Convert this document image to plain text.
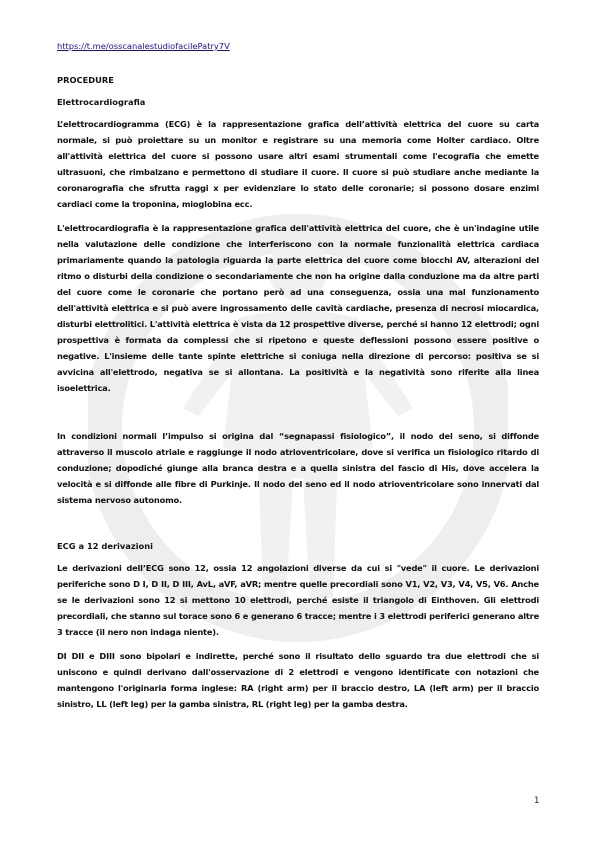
https://t.me/osscanalestudiofacilePatry7V
PROCEDURE
Elettrocardiografia

L’elettrocardiogramma (ECG) è la rappresentazione grafica dell’attività elettrica del cuore su carta normale, si può proiettare su un monitor e registrare su una memoria come Holter cardiaco. Oltre all'attività elettrica del cuore si possono usare altri esami strumentali come l'ecografia che emette ultrasuoni, che rimbalzano e permettono di studiare il cuore. Il cuore si può studiare anche mediante la coronarografia che sfrutta raggi x per evidenziare lo stato delle coronarie; si possono dosare enzimi cardiaci come la troponina, mioglobina ecc.

L'elettrocardiografia è la rappresentazione grafica dell'attività elettrica del cuore, che è un'indagine utile nella valutazione delle condizione che interferiscono con la normale funzionalità elettrica cardiaca primariamente quando la patologia riguarda la parte elettrica del cuore come blocchi AV, alterazioni del ritmo o disturbi della condizione o secondariamente che non ha origine dalla conduzione ma da altre parti del cuore come le coronarie che portano però ad una conseguenza, ossia una mal funzionamento dell'attività elettrica e si può avere ingrossamento delle cavità cardiache, presenza di necrosi miocardica, disturbi elettrolitici. L'attività elettrica è vista da 12 prospettive diverse, perché si hanno 12 elettrodi; ogni prospettiva è formata da complessi che si ripetono e queste deflessioni possono essere positive o negative. L'insieme delle tante spinte elettriche si coniuga nella direzione di percorso: positiva se si avvicina all'elettrodo, negativa se si allontana. La positività e la negatività sono riferite alla linea isoelettrica.

In condizioni normali l’impulso si origina dal “segnapassi fisiologico”, il nodo del seno, si diffonde attraverso il muscolo atriale e raggiunge il nodo atrioventricolare, dove si verifica un fisiologico ritardo di conduzione; dopodiché giunge alla branca destra e a quella sinistra del fascio di His, dove accelera la velocità e si diffonde alle fibre di Purkinje. Il nodo del seno ed il nodo atrioventricolare sono innervati dal sistema nervoso autonomo.

ECG a 12 derivazioni

Le derivazioni dell’ECG sono 12, ossia 12 angolazioni diverse da cui si "vede" il cuore. Le derivazioni periferiche sono D I, D II, D III, AvL, aVF, aVR; mentre quelle precordiali sono V1, V2, V3, V4, V5, V6. Anche se le derivazioni sono 12 si mettono 10 elettrodi, perché esiste il triangolo di Einthoven. Gli elettrodi precordiali, che stanno sul torace sono 6 e generano 6 tracce; mentre i 3 elettrodi periferici generano altre 3 tracce (il nero non indaga niente).

DI DII e DIII sono bipolari e indirette, perché sono il risultato dello sguardo tra due elettrodi che si uniscono e quindi derivano dall'osservazione di 2 elettrodi e vengono identificate con notazioni che mantengono l'originaria forma inglese: RA (right arm) per il braccio destro, LA (left arm) per il braccio sinistro, LL (left leg) per la gamba sinistra, RL (right leg) per la gamba destra.

1
